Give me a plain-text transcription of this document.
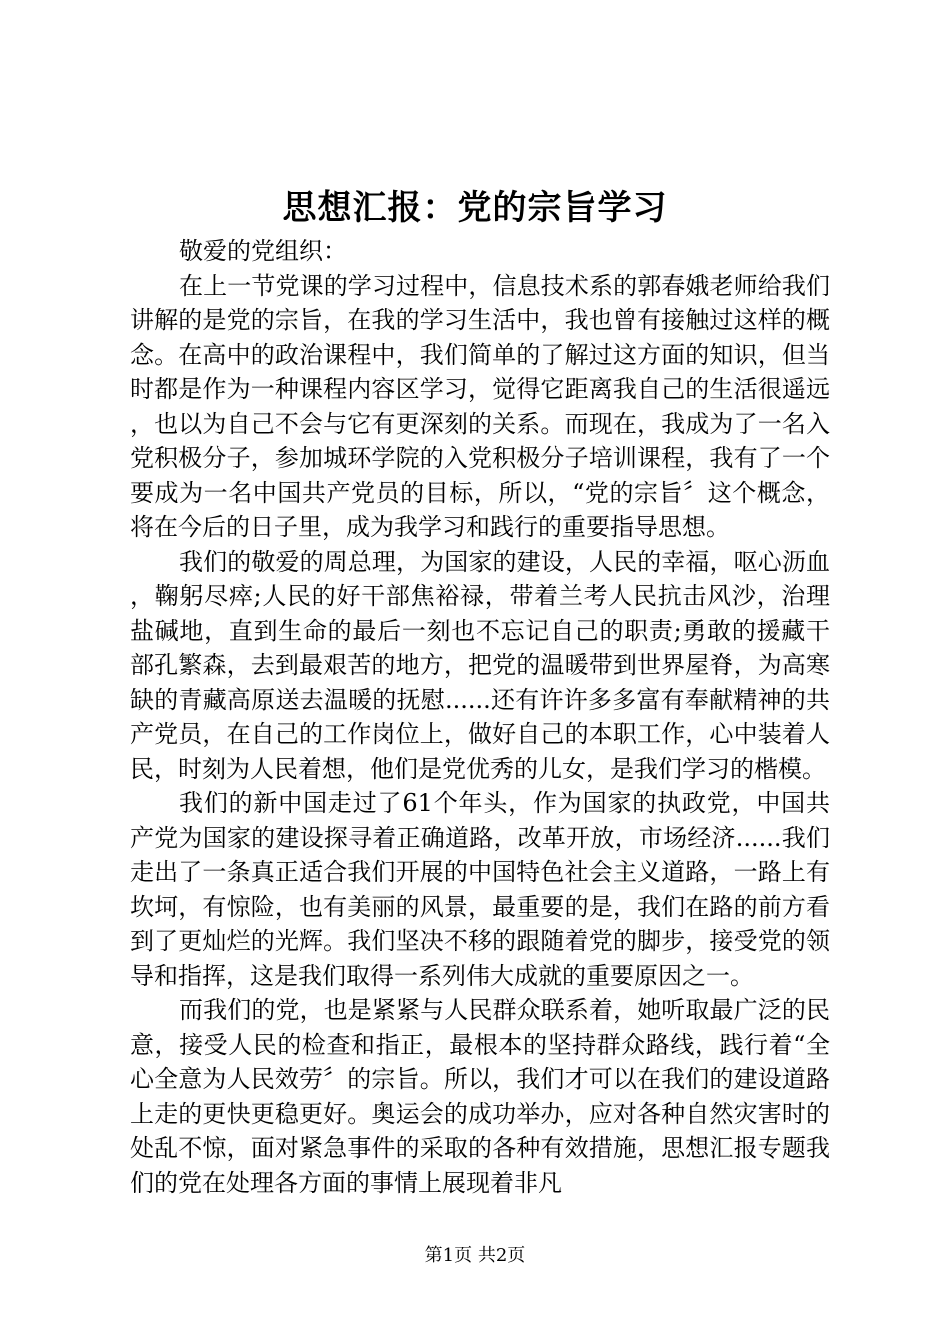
思想汇报：党的宗旨学习

敬爱的党组织：

在上一节党课的学习过程中，信息技术系的郭春娥老师给我们讲解的是党的宗旨，在我的学习生活中，我也曾有接触过这样的概念。在高中的政治课程中，我们简单的了解过这方面的知识，但当时都是作为一种课程内容区学习，觉得它距离我自己的生活很遥远，也以为自己不会与它有更深刻的关系。而现在，我成为了一名入党积极分子，参加城环学院的入党积极分子培训课程，我有了一个要成为一名中国共产党员的目标，所以，“党的宗旨〞这个概念，将在今后的日子里，成为我学习和践行的重要指导思想。

我们的敬爱的周总理，为国家的建设，人民的幸福，呕心沥血，鞠躬尽瘁;人民的好干部焦裕禄，带着兰考人民抗击风沙，治理盐碱地，直到生命的最后一刻也不忘记自己的职责;勇敢的援藏干部孔繁森，去到最艰苦的地方，把党的温暖带到世界屋脊，为高寒缺的青藏高原送去温暖的抚慰......还有许许多多富有奉献精神的共产党员，在自己的工作岗位上，做好自己的本职工作，心中装着人民，时刻为人民着想，他们是党优秀的儿女，是我们学习的楷模。

我们的新中国走过了61个年头，作为国家的执政党，中国共产党为国家的建设探寻着正确道路，改革开放，市场经济......我们走出了一条真正适合我们开展的中国特色社会主义道路，一路上有坎坷，有惊险，也有美丽的风景，最重要的是，我们在路的前方看到了更灿烂的光辉。我们坚决不移的跟随着党的脚步，接受党的领导和指挥，这是我们取得一系列伟大成就的重要原因之一。

而我们的党，也是紧紧与人民群众联系着，她听取最广泛的民意，接受人民的检查和指正，最根本的坚持群众路线，践行着“全心全意为人民效劳〞的宗旨。所以，我们才可以在我们的建设道路上走的更快更稳更好。奥运会的成功举办，应对各种自然灾害时的处乱不惊，面对紧急事件的采取的各种有效措施，思想汇报专题我们的党在处理各方面的事情上展现着非凡

第1页 共2页
